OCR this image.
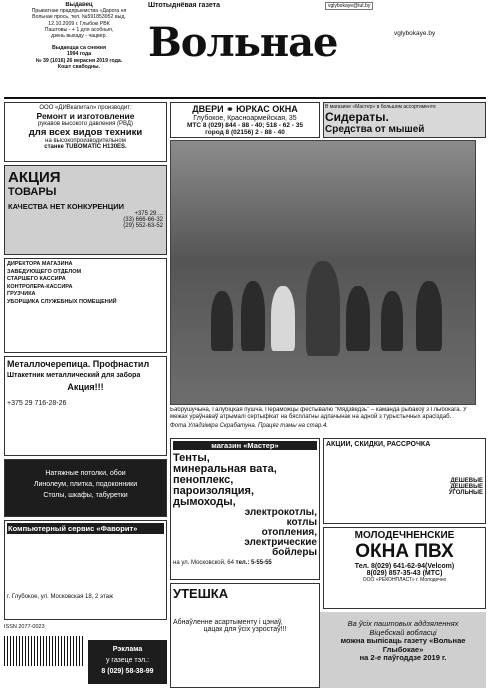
Выдавец
Прыватнае прадпрыемства «Дарога ня
Вольнае прось, тел. №591853952 выд.
12.10.2009 г. Глыбокі РВК
Паштовы - + 1 для асобныя,
дзень выхаду - чацвер.
Выдаецца са снежня
1994 года
№ 39 (1016) 26 верасня 2019 года.
Кошт свабодны.
Штотыднёвая газета	vglybokaye@tut.by
vglybokaye.by
Вольнае
ООО «ДИВкапитал» производит:
Ремонт и изготовление
рукавов высокого давления (РВД)
для всех видов техники
на высокопроизводительном
станке TUBOMATIC H130ES.
АКЦИЯ
ТОВАРЫ
КАЧЕСТВА НЕТ КОНКУРЕНЦИИ
+375 29 ...
(33) 666-66-32
(29) 552-63-52
ДИРЕКТОРА МАГАЗИНА
ЗАВЕДУЮЩЕГО ОТДЕЛОМ
СТАРШЕГО КАССИРА
КОНТРОЛЕРА-КАССИРА
ГРУЗЧИКА
УБОРЩИКА СЛУЖЕБНЫХ ПОМЕЩЕНИЙ
Металлочерепица. Профнастил
Штакетник металлический для забора
Акция!!!
+375 29 716-28-26
Натяжные потолки, обои
Линолеум, плитка, подоконники
Столы, шкафы, табуретки
Компьютерный сервис «Фаворит»
г. Глубокое, ул. Московская 18, 2 этаж
ISSN 2077-0023
Рэклама
у газеце тэл.:
8 (029) 58-38-99
ДВЕРИ ⚭ ЮРКАС ОКНА
Глубокое, Красноармейская, 35
МТС 8 (029) 844 - 88 - 40; 518 - 62 - 35
город 8 (02156) 2 - 88 - 40
В магазине «Мастер» в большом ассортименте
Сидераты.
Средства от мышей
Бабрушучына, Галубіцкая пушча. Пераможцы фестывалю "Мядзведзь" – каманда рыбакоў з Глыбокага. У межах ураўнаваў атрымалі сертыфікат на бясплатны адпачынак на адной з турыстычных арасіздаб.
Фота Уладзіміра Скрабатуна. Працяг тэмы на стар.4.
магазин «Мастер»
Тенты,
минеральная вата,
пеноплекс,
пароизоляция,
дымоходы,
электрокотлы,
котлы
отопления,
электрические
бойлеры
на ул. Московской, 64 тел.: 5-55-55
АКЦИИ, СКИДКИ, РАССРОЧКА
ДЕШЕВЫЕ
ДЕШЕВЫЕ
УГОЛЬНЫЕ
МОЛОДЕЧНЕНСКИЕ
ОКНА ПВХ
Тел. 8(029) 641-62-94(Velcom)
8(029) 857-35-43 (МТС)
ООО «РЕКОНПЛАСТ» г. Молодечно
УТЕШКА
Абнаўленне асартыменту і цэнаў,
цацак для ўсіх узростаў!!!
Ва ўсіх паштовых аддзяленнях
Віцебскай вобласці
можна выпісаць газету «Вольнае Глыбокае»
на 2-е паўгоддзе 2019 г.
